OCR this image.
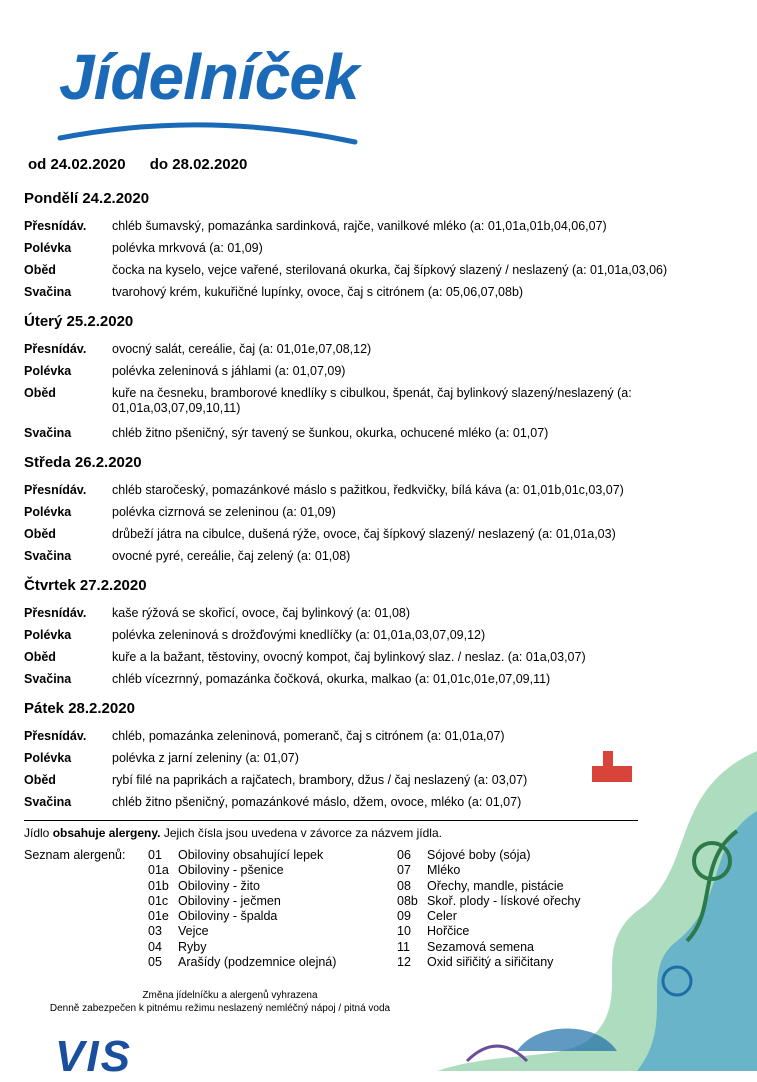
Jídelníček
od 24.02.2020 do 28.02.2020
Pondělí 24.2.2020
Přesnídáv.	chléb šumavský, pomazánka sardinková, rajče, vanilkové mléko (a: 01,01a,01b,04,06,07)
Polévka	polévka mrkvová (a: 01,09)
Oběd	čocka na kyselo, vejce vařené, sterilovaná okurka, čaj šípkový slazený / neslazený (a: 01,01a,03,06)
Svačina	tvarohový krém, kukuřičné lupínky, ovoce, čaj s citrónem (a: 05,06,07,08b)
Úterý 25.2.2020
Přesnídáv.	ovocný salát, cereálie, čaj (a: 01,01e,07,08,12)
Polévka	polévka zeleninová s jáhlami (a: 01,07,09)
Oběd	kuře na česneku, bramborové knedlíky s cibulkou, špenát, čaj bylinkový slazený/neslazený (a: 01,01a,03,07,09,10,11)
Svačina	chléb žitno pšeničný, sýr tavený se šunkou, okurka, ochucené mléko (a: 01,07)
Středa 26.2.2020
Přesnídáv.	chléb staročeský, pomazánkové máslo s pažitkou, ředkvičky, bílá káva (a: 01,01b,01c,03,07)
Polévka	polévka cizrnová se zeleninou (a: 01,09)
Oběd	drůbeží játra na cibulce, dušená rýže, ovoce, čaj šípkový slazený/ neslazený (a: 01,01a,03)
Svačina	ovocné pyré, cereálie, čaj zelený (a: 01,08)
Čtvrtek 27.2.2020
Přesnídáv.	kaše rýžová se skořicí, ovoce, čaj bylinkový (a: 01,08)
Polévka	polévka zeleninová s drožďovými knedlíčky (a: 01,01a,03,07,09,12)
Oběd	kuře a la bažant, těstoviny, ovocný kompot, čaj bylinkový slaz. / neslaz. (a: 01a,03,07)
Svačina	chléb vícezrnný, pomazánka čočková, okurka, malkao (a: 01,01c,01e,07,09,11)
Pátek 28.2.2020
Přesnídáv.	chléb, pomazánka zeleninová, pomeranč, čaj s citrónem (a: 01,01a,07)
Polévka	polévka z jarní zeleniny (a: 01,07)
Oběd	rybí filé na paprikách a rajčatech, brambory, džus / čaj neslazený (a: 03,07)
Svačina	chléb žitno pšeničný, pomazánkové máslo, džem, ovoce, mléko (a: 01,07)
Jídlo obsahuje alergeny. Jejich čísla jsou uvedena v závorce za názvem jídla.
Seznam alergenů: 01	Obiloviny obsahující lepek
01a Obiloviny - pšenice
01b Obiloviny - žito
01c Obiloviny - ječmen
01e Obiloviny - špalda
03	Vejce
04	Ryby
05	Arašídy (podzemnice olejná)
06	Sójové boby (sója)
07	Mléko
08	Ořechy, mandle, pistácie
08b Skoř. plody - lískové ořechy
09	Celer
10	Hořčice
11	Sezamová semena
12	Oxid siřičitý a siřičitany
Změna jídelníčku a alergenů vyhrazena
Denně zabezpečen k pitnému režimu neslazený nemléčný nápoj / pitná voda
VIS
